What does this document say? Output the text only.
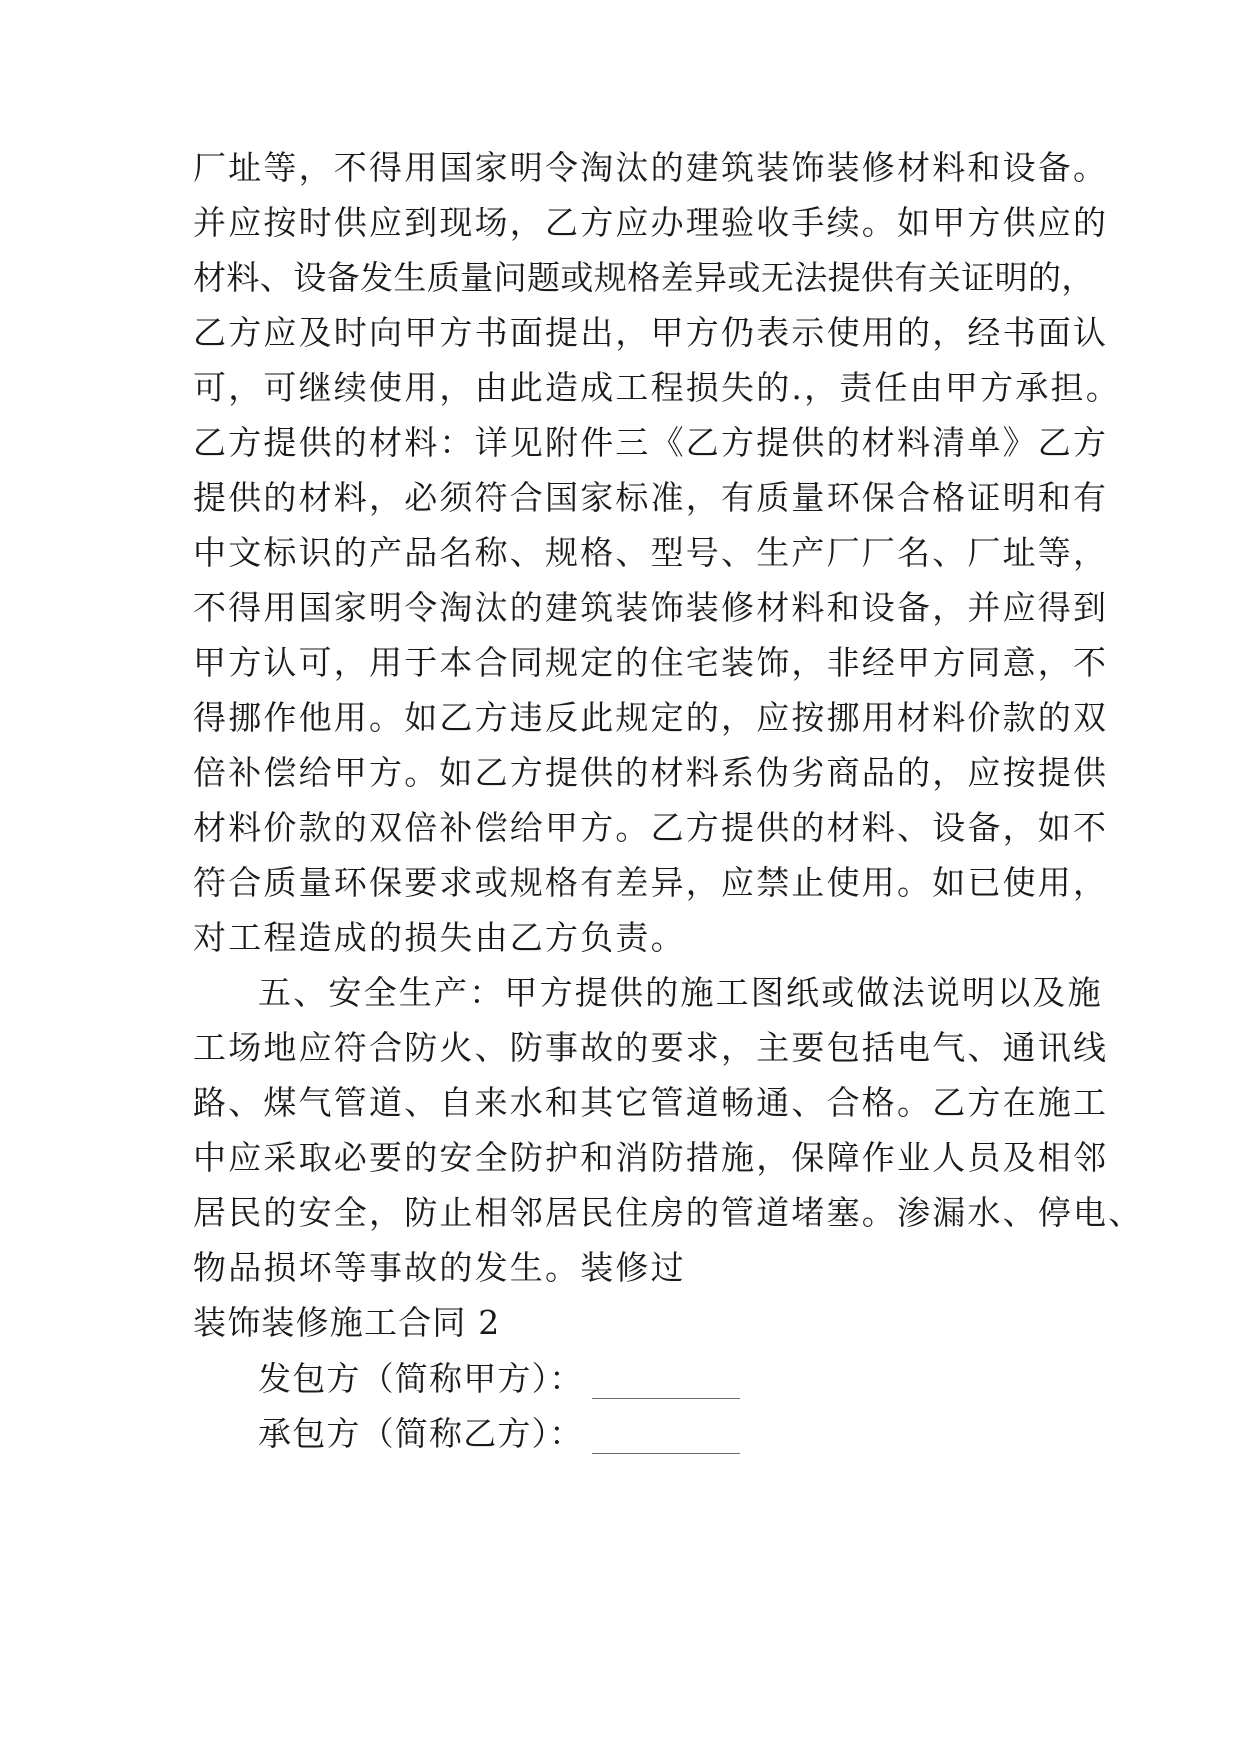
厂址等，不得用国家明令淘汰的建筑装饰装修材料和设备。
并应按时供应到现场，乙方应办理验收手续。如甲方供应的
材料、设备发生质量问题或规格差异或无法提供有关证明的，
乙方应及时向甲方书面提出，甲方仍表示使用的，经书面认
可，可继续使用，由此造成工程损失的.，责任由甲方承担。
乙方提供的材料：详见附件三《乙方提供的材料清单》乙方
提供的材料，必须符合国家标准，有质量环保合格证明和有
中文标识的产品名称、规格、型号、生产厂厂名、厂址等，
不得用国家明令淘汰的建筑装饰装修材料和设备，并应得到
甲方认可，用于本合同规定的住宅装饰，非经甲方同意，不
得挪作他用。如乙方违反此规定的，应按挪用材料价款的双
倍补偿给甲方。如乙方提供的材料系伪劣商品的，应按提供
材料价款的双倍补偿给甲方。乙方提供的材料、设备，如不
符合质量环保要求或规格有差异，应禁止使用。如已使用，
对工程造成的损失由乙方负责。
五、安全生产：甲方提供的施工图纸或做法说明以及施
工场地应符合防火、防事故的要求，主要包括电气、通讯线
路、煤气管道、自来水和其它管道畅通、合格。乙方在施工
中应采取必要的安全防护和消防措施，保障作业人员及相邻
居民的安全，防止相邻居民住房的管道堵塞。渗漏水、停电、
物品损坏等事故的发生。装修过
装饰装修施工合同 2
发包方（简称甲方）：
承包方（简称乙方）：
